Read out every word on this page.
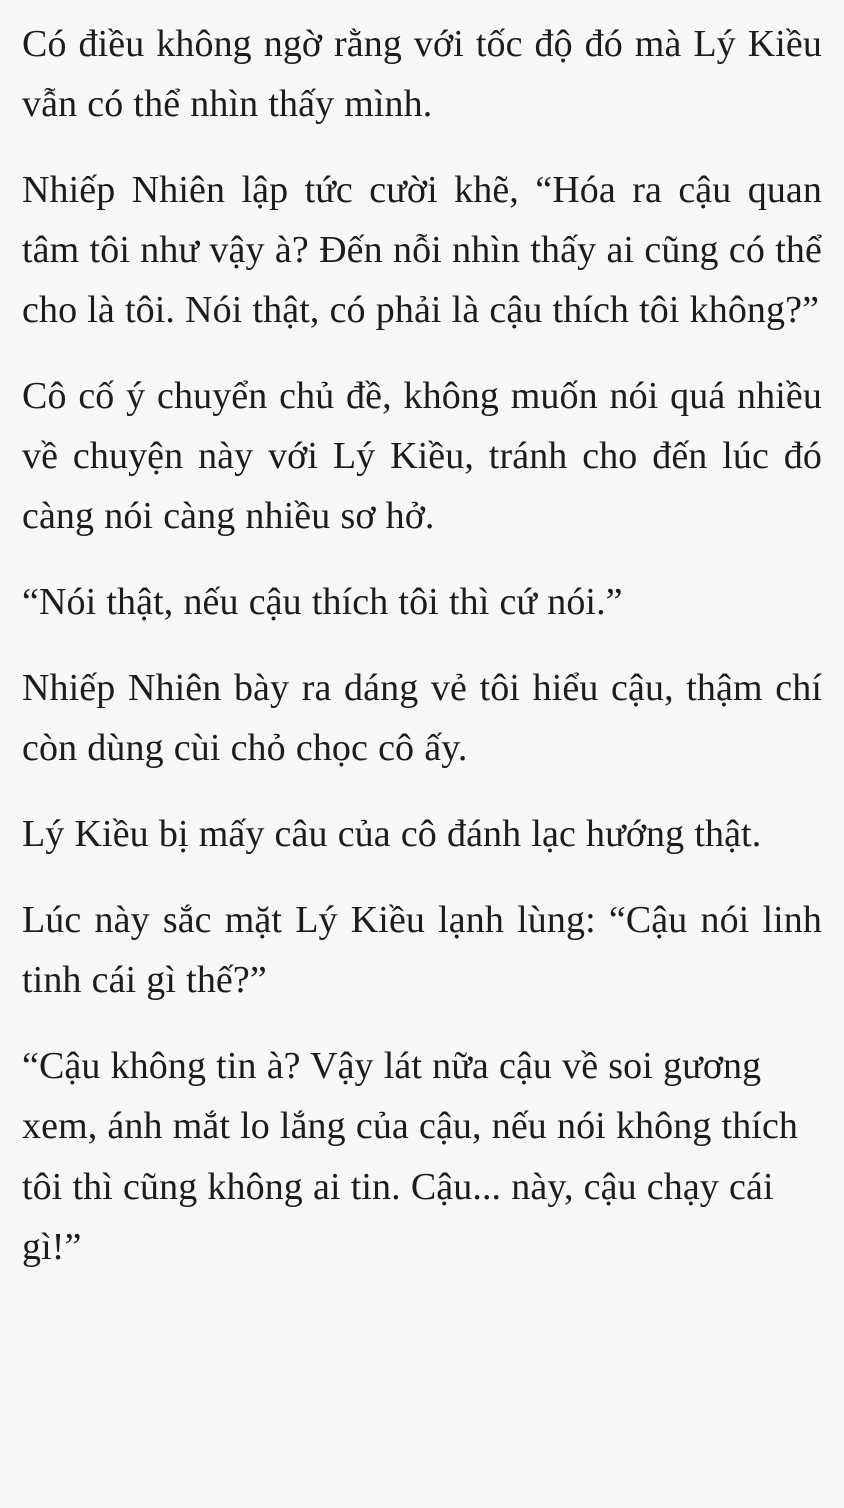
Có điều không ngờ rằng với tốc độ đó mà Lý Kiều vẫn có thể nhìn thấy mình.

Nhiếp Nhiên lập tức cười khẽ, “Hóa ra cậu quan tâm tôi như vậy à? Đến nỗi nhìn thấy ai cũng có thể cho là tôi. Nói thật, có phải là cậu thích tôi không?”

Cô cố ý chuyển chủ đề, không muốn nói quá nhiều về chuyện này với Lý Kiều, tránh cho đến lúc đó càng nói càng nhiều sơ hở.

“Nói thật, nếu cậu thích tôi thì cứ nói.”

Nhiếp Nhiên bày ra dáng vẻ tôi hiểu cậu, thậm chí còn dùng cùi chỏ chọc cô ấy.

Lý Kiều bị mấy câu của cô đánh lạc hướng thật.

Lúc này sắc mặt Lý Kiều lạnh lùng: “Cậu nói linh tinh cái gì thế?”

“Cậu không tin à? Vậy lát nữa cậu về soi gương xem, ánh mắt lo lắng của cậu, nếu nói không thích tôi thì cũng không ai tin. Cậu... này, cậu chạy cái gì!”
